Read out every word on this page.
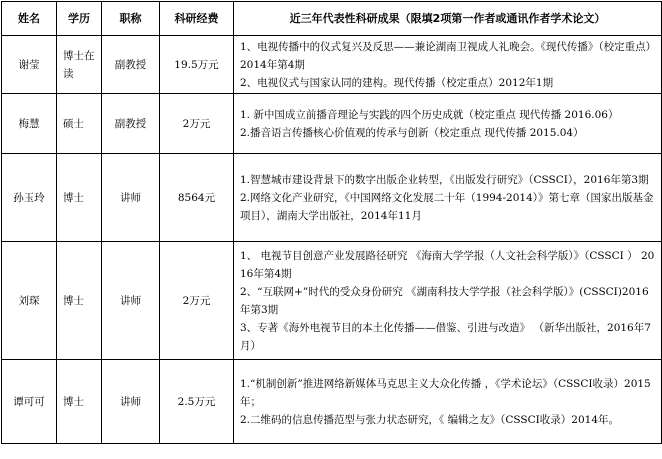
姓名	学历	职称	科研经费	近三年代表性科研成果（限填2项第一作者或通讯作者学术论文）
谢莹	博士在读	副教授	19.5万元	1、电视传播中的仪式复兴及反思——兼论湖南卫视成人礼晚会。《现代传播》（校定重点）2014年第4期
2、电视仪式与国家认同的建构。现代传播（校定重点）2012年1期

梅慧	硕士	副教授	2万元	1. 新中国成立前播音理论与实践的四个历史成就（校定重点 现代传播 2016.06）
2.播音语言传播核心价值观的传承与创新（校定重点 现代传播 2015.04）

孙玉玲	博士	讲师	8564元	1.智慧城市建设背景下的数字出版企业转型，《出版发行研究》（CSSCI），2016年第3期
2.网络文化产业研究，《中国网络文化发展二十年（1994-2014）》第七章（国家出版基金项目），湖南大学出版社，2014年11月

刘琛	博士	讲师	2万元	1、 电视节目创意产业发展路径研究 《海南大学学报（人文社会科学版）》（CSSCI ） 2016年第4期
2、“互联网+”时代的受众身份研究 《湖南科技大学学报（社会科学版）》(CSSCI)2016年第3期
3、专著《海外电视节目的本土化传播——借鉴、引进与改造》 （新华出版社，2016年7月）

谭可可	博士	讲师	2.5万元	1.“机制创新”推进网络新媒体马克思主义大众化传播 ，《学术论坛》（CSSCI收录）2015年；
2.二维码的信息传播范型与张力状态研究，《 编辑之友》（CSSCI收录）2014年。
